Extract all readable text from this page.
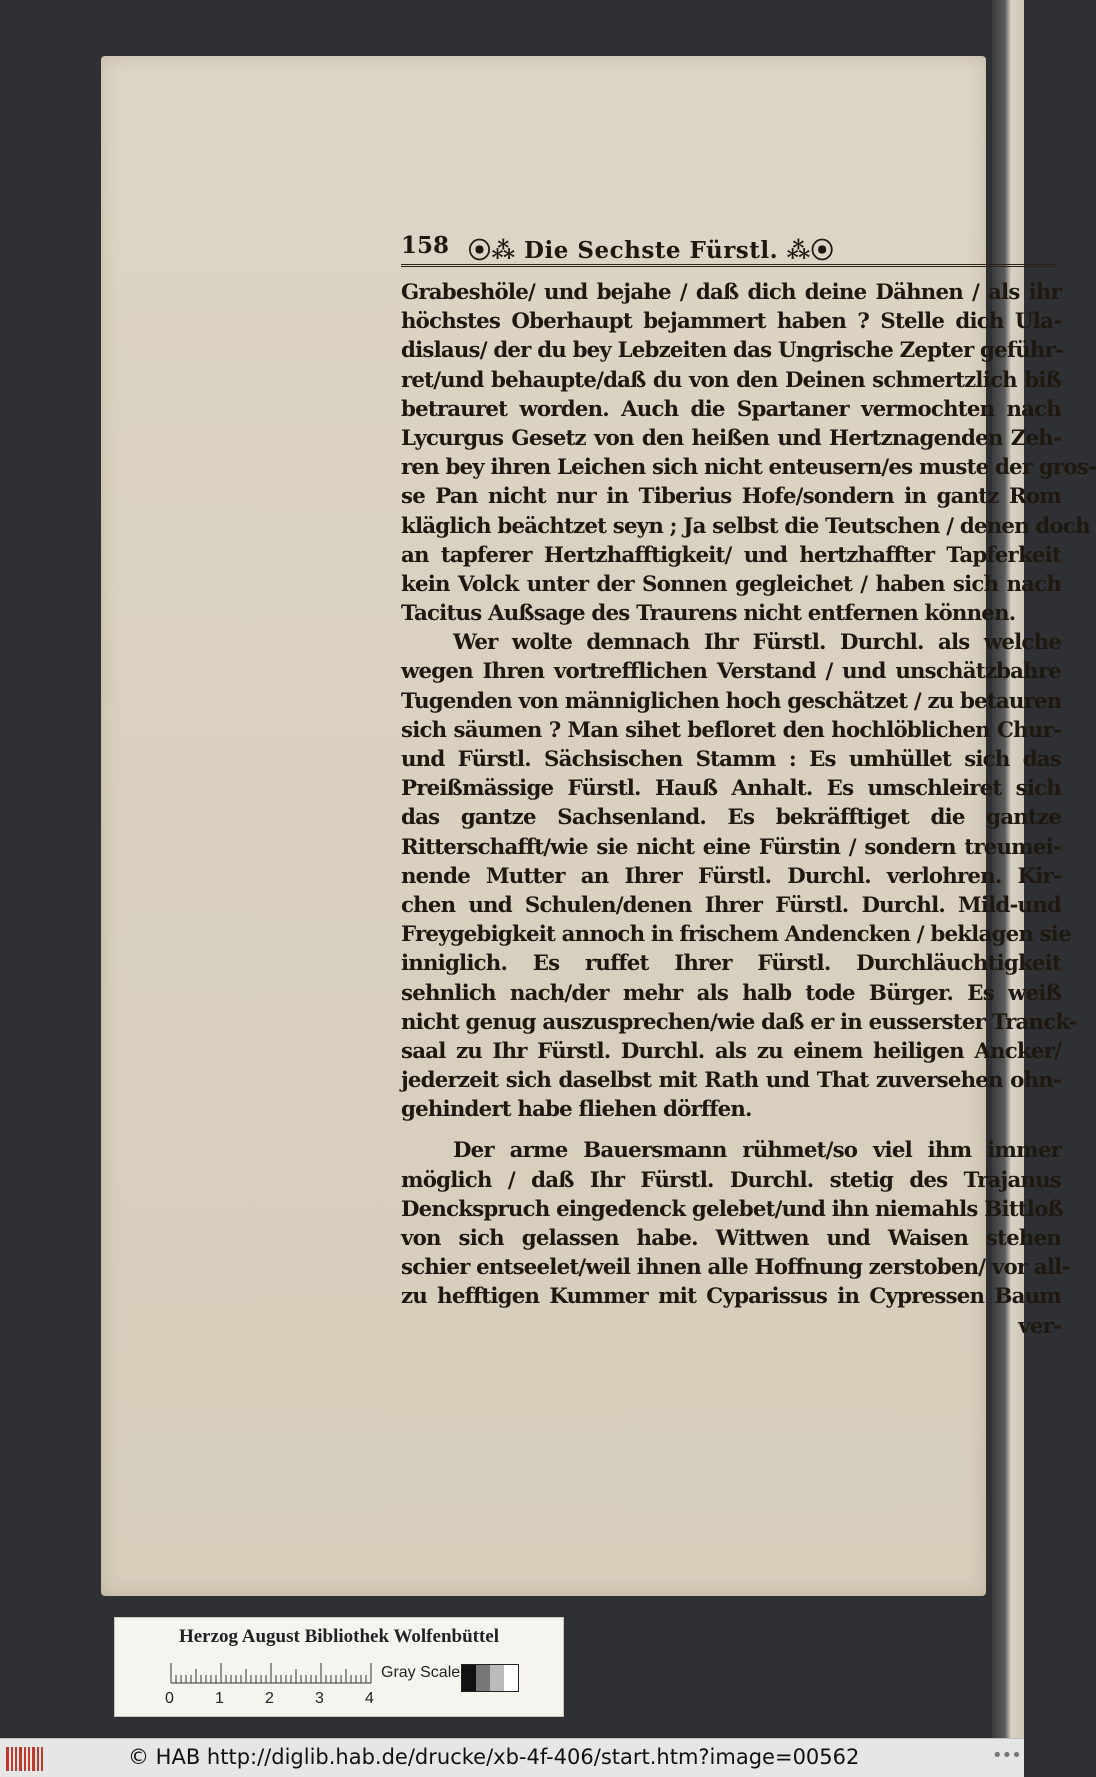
158 ⦿⁂ Die Sechste Fürstl. ⁂⦿
Grabeshöle/ und bejahe / daß dich deine Dähnen / als ihr
höchstes Oberhaupt bejammert haben ? Stelle dich Ula-
dislaus/ der du bey Lebzeiten das Ungrische Zepter geführ-
ret/und behaupte/daß du von den Deinen schmertzlich biß
betrauret worden. Auch die Spartaner vermochten nach
Lycurgus Gesetz von den heißen und Hertznagenden Zeh-
ren bey ihren Leichen sich nicht enteusern/es muste der gros-
se Pan nicht nur in Tiberius Hofe/sondern in gantz Rom
kläglich beächtzet seyn ; Ja selbst die Teutschen / denen doch
an tapferer Hertzhafftigkeit/ und hertzhaffter Tapferkeit
kein Volck unter der Sonnen gegleichet / haben sich nach
Tacitus Außsage des Traurens nicht entfernen können.
Wer wolte demnach Ihr Fürstl. Durchl. als welche
wegen Ihren vortrefflichen Verstand / und unschätzbahre
Tugenden von männiglichen hoch geschätzet / zu betauren
sich säumen ? Man sihet befloret den hochlöblichen Chur-
und Fürstl. Sächsischen Stamm : Es umhüllet sich das
Preißmässige Fürstl. Hauß Anhalt. Es umschleiret sich
das gantze Sachsenland. Es bekräfftiget die gantze
Ritterschafft/wie sie nicht eine Fürstin / sondern treumei-
nende Mutter an Ihrer Fürstl. Durchl. verlohren. Kir-
chen und Schulen/denen Ihrer Fürstl. Durchl. Mild-und
Freygebigkeit annoch in frischem Andencken / beklagen sie
inniglich. Es ruffet Ihrer Fürstl. Durchläuchtigkeit
sehnlich nach/der mehr als halb tode Bürger. Es weiß
nicht genug auszusprechen/wie daß er in eusserster Tranck-
saal zu Ihr Fürstl. Durchl. als zu einem heiligen Ancker/
jederzeit sich daselbst mit Rath und That zuversehen ohn-
gehindert habe fliehen dörffen.
Der arme Bauersmann rühmet/so viel ihm immer
möglich / daß Ihr Fürstl. Durchl. stetig des Trajanus
Denckspruch eingedenck gelebet/und ihn niemahls Bittloß
von sich gelassen habe. Wittwen und Waisen stehen
schier entseelet/weil ihnen alle Hoffnung zerstoben/ vor all-
zu hefftigen Kummer mit Cyparissus in Cypressen Baum
ver-
Herzog August Bibliothek Wolfenbüttel
0	1	2	3	4
Gray Scale
© HAB http://diglib.hab.de/drucke/xb-4f-406/start.htm?image=00562	•••
